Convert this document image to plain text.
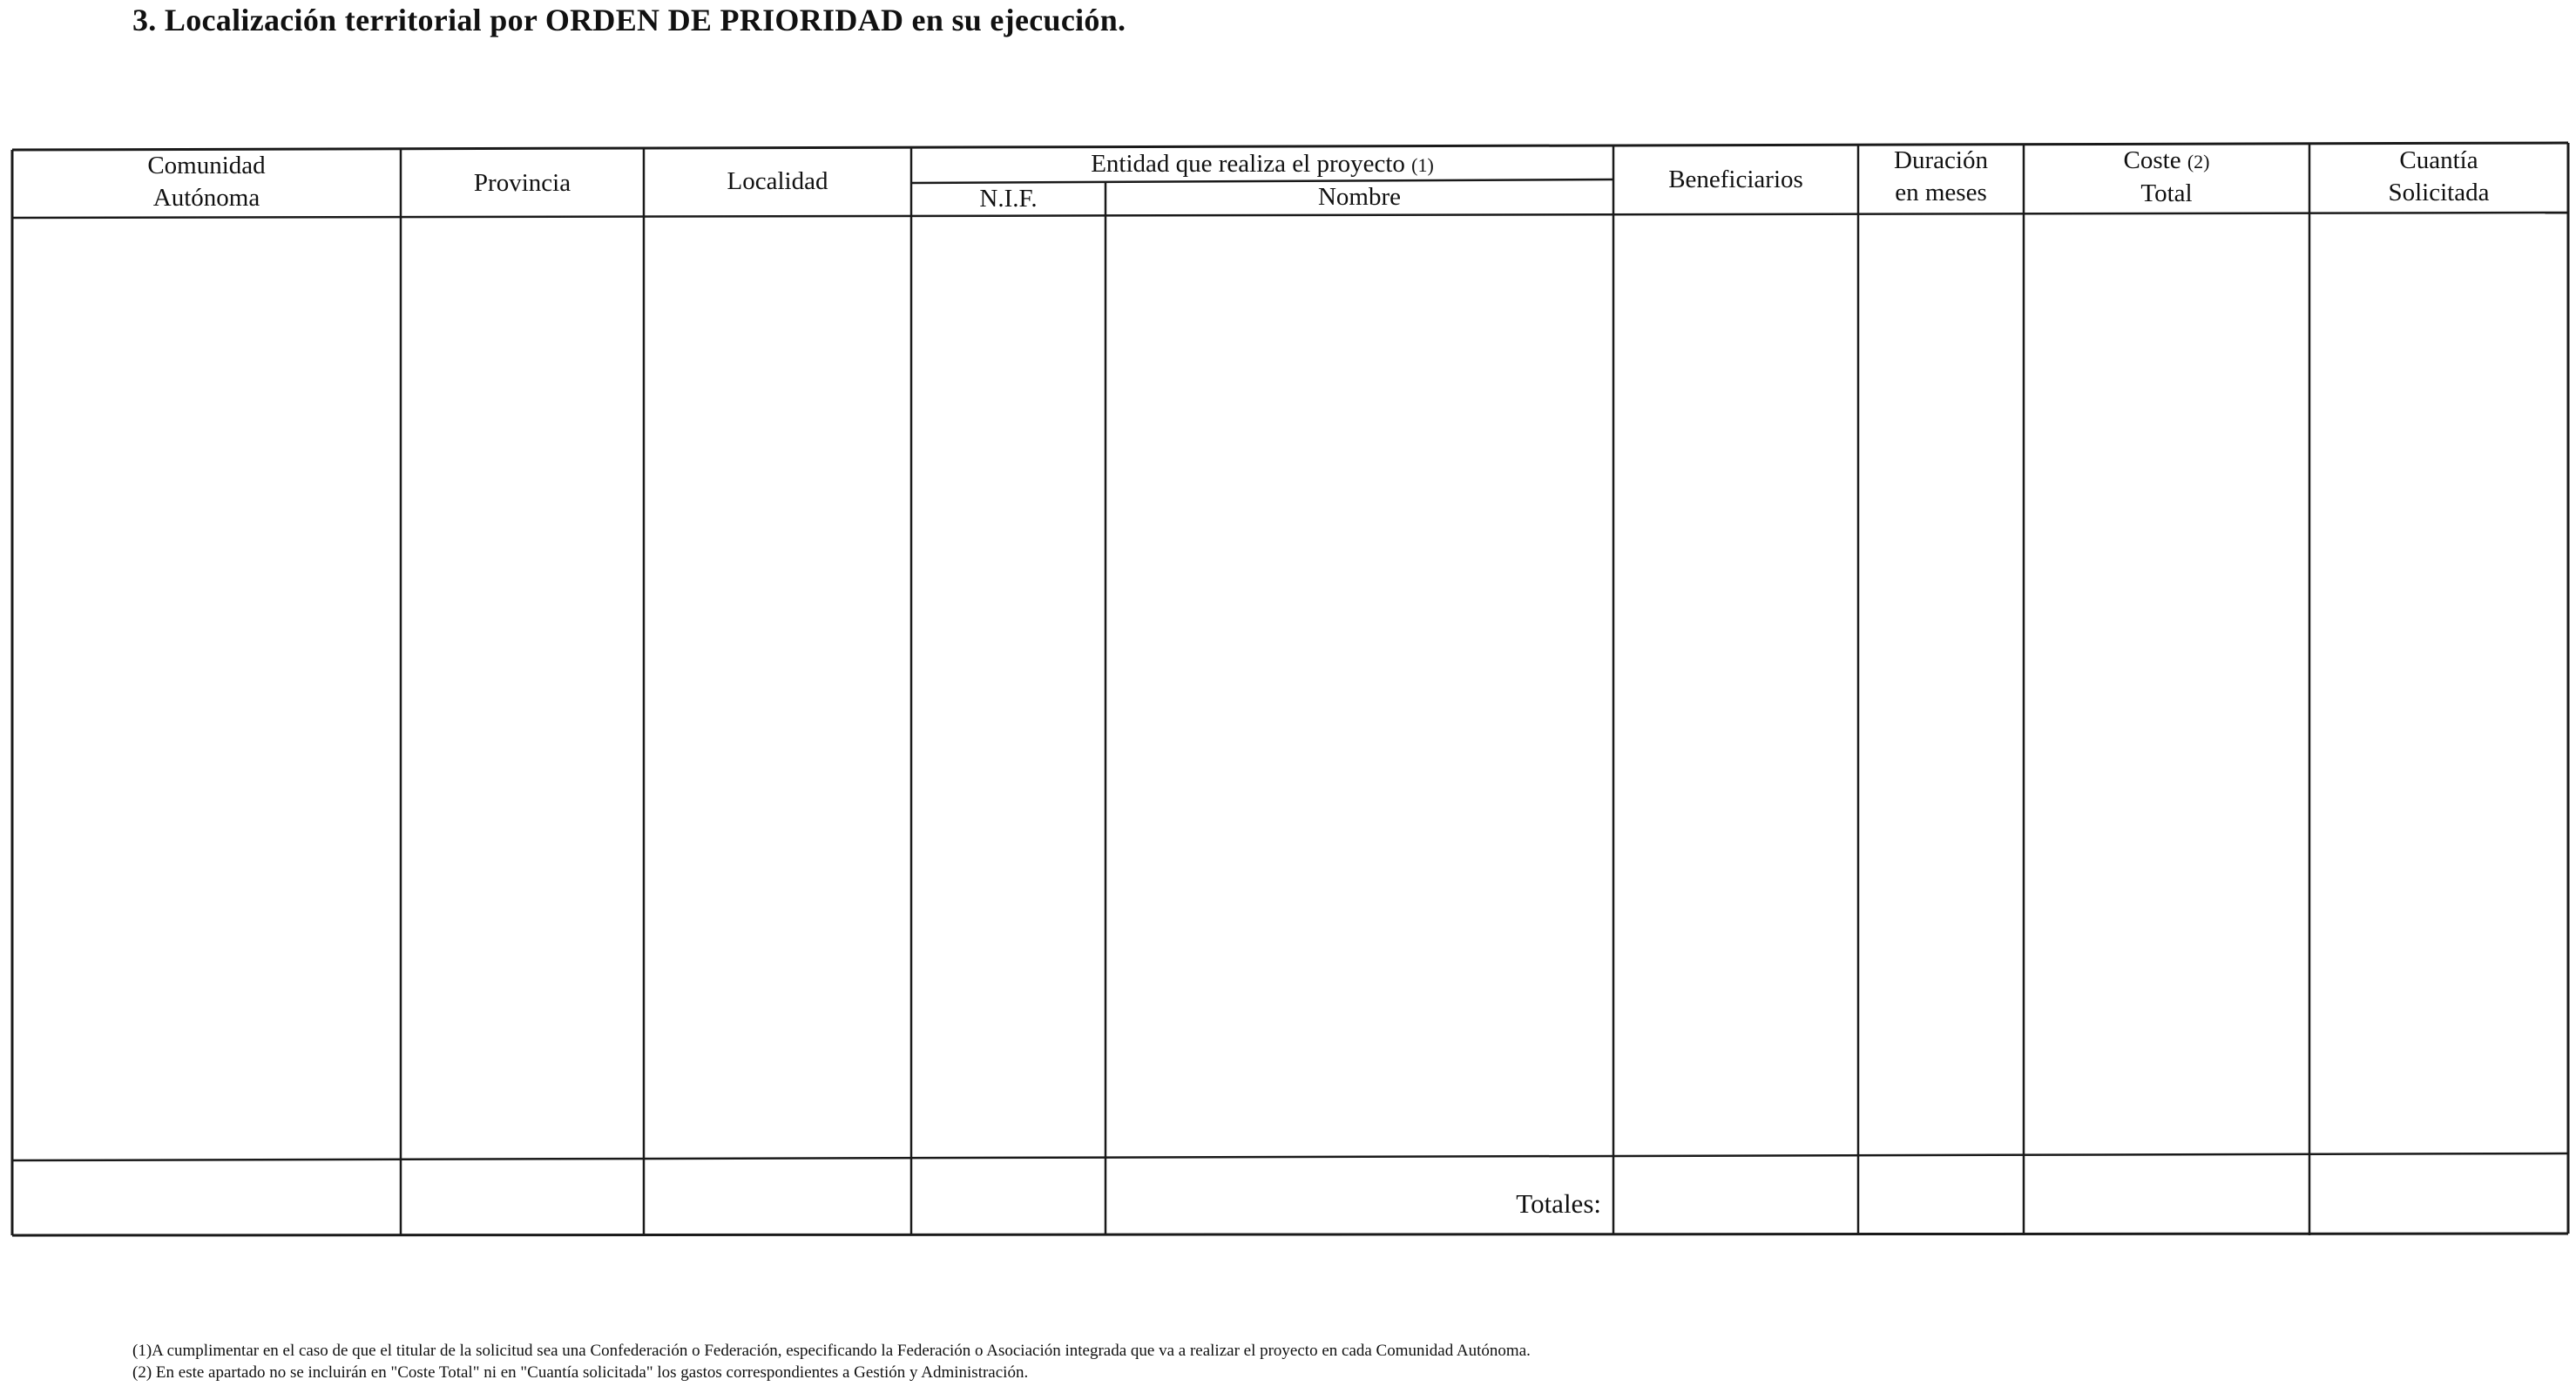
3. Localización territorial por ORDEN DE PRIORIDAD en su ejecución.
Comunidad
Autónoma
Provincia	Localidad
Entidad que realiza el proyecto (1)
N.I.F.	Nombre
Beneficiarios
Duración
en meses
Coste (2)
Total
Cuantía
Solicitada
Totales:
(1)A cumplimentar en el caso de que el titular de la solicitud sea una Confederación o Federación, especificando la Federación o Asociación integrada que va a realizar el proyecto en cada Comunidad Autónoma.
(2) En este apartado no se incluirán en "Coste Total" ni en "Cuantía solicitada" los gastos correspondientes a Gestión y Administración.
